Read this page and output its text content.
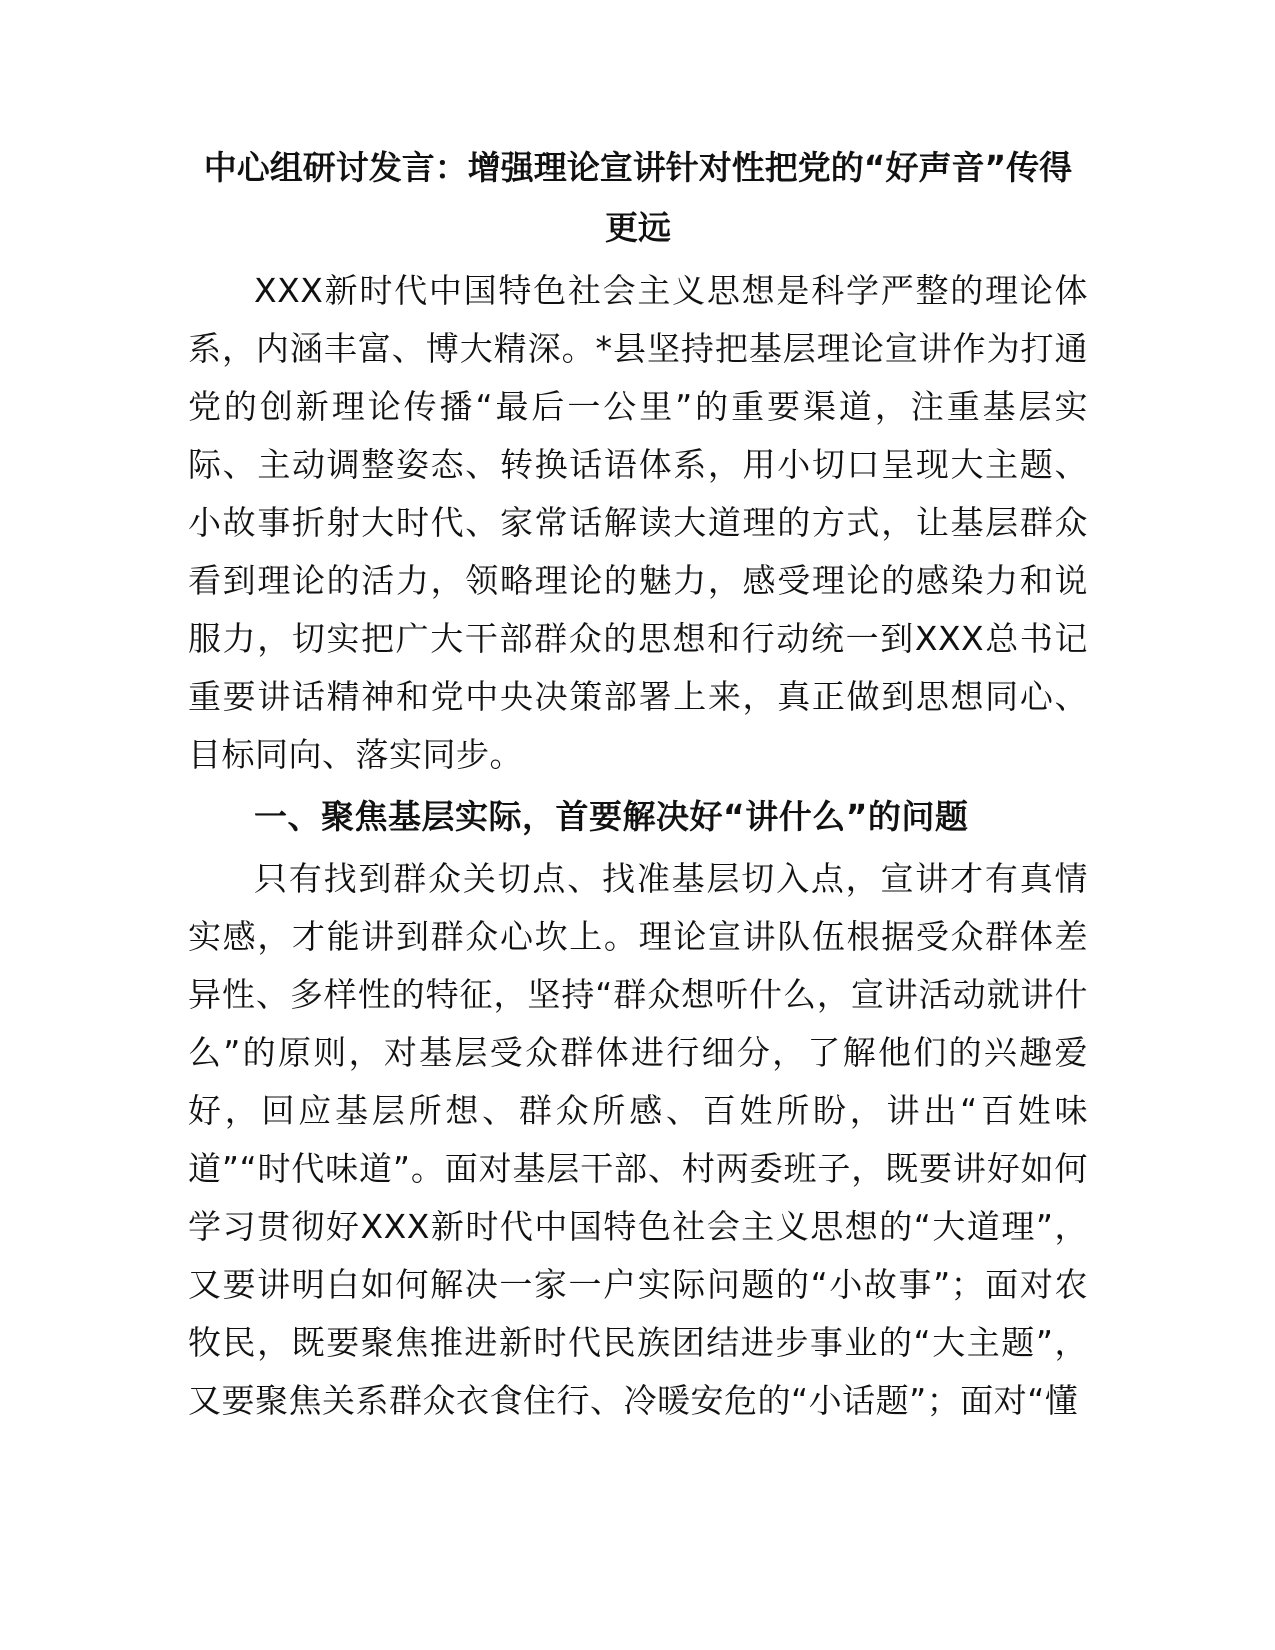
中心组研讨发言：增强理论宣讲针对性把党的“好声音”传得
更远

XXX新时代中国特色社会主义思想是科学严整的理论体系，内涵丰富、博大精深。*县坚持把基层理论宣讲作为打通党的创新理论传播“最后一公里”的重要渠道，注重基层实际、主动调整姿态、转换话语体系，用小切口呈现大主题、小故事折射大时代、家常话解读大道理的方式，让基层群众看到理论的活力，领略理论的魅力，感受理论的感染力和说服力，切实把广大干部群众的思想和行动统一到XXX总书记重要讲话精神和党中央决策部署上来，真正做到思想同心、目标同向、落实同步。

一、聚焦基层实际，首要解决好“讲什么”的问题

只有找到群众关切点、找准基层切入点，宣讲才有真情实感，才能讲到群众心坎上。理论宣讲队伍根据受众群体差异性、多样性的特征，坚持“群众想听什么，宣讲活动就讲什么”的原则，对基层受众群体进行细分，了解他们的兴趣爱好，回应基层所想、群众所感、百姓所盼，讲出“百姓味道”“时代味道”。面对基层干部、村两委班子，既要讲好如何学习贯彻好XXX新时代中国特色社会主义思想的“大道理”，又要讲明白如何解决一家一户实际问题的“小故事”；面对农牧民，既要聚焦推进新时代民族团结进步事业的“大主题”，又要聚焦关系群众衣食住行、冷暖安危的“小话题”；面对“懂
